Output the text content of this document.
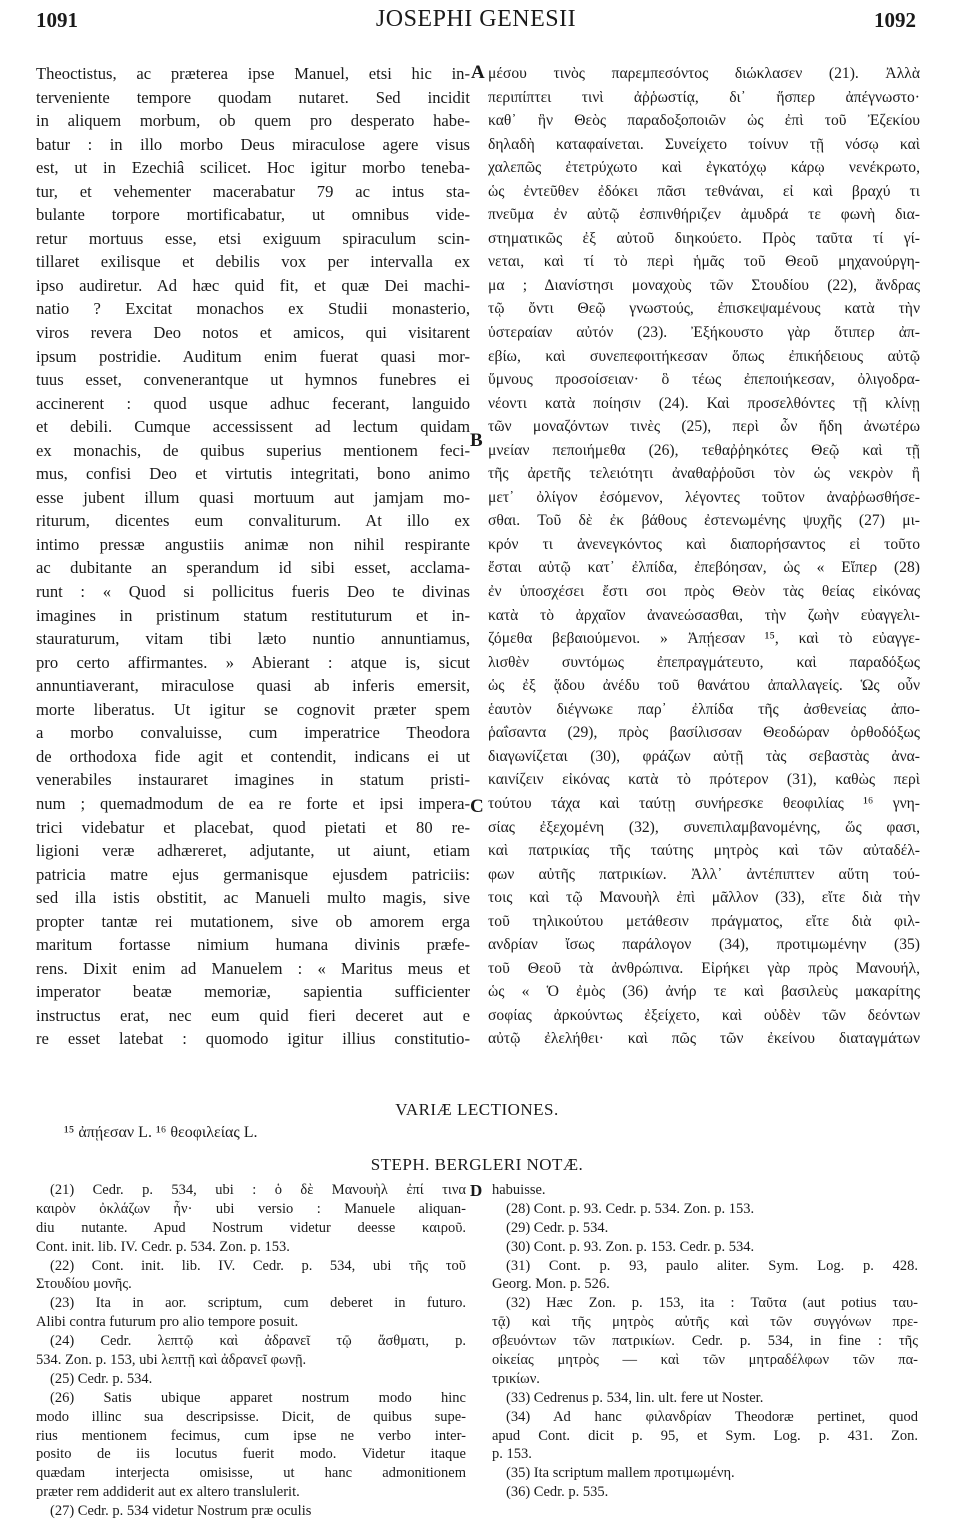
1091	JOSEPHI GENESII	1092
Theoctistus, ac præterea ipse Manuel, etsi hic in-
terveniente tempore quodam nutaret. Sed incidit
in aliquem morbum, ob quem pro desperato habe-
batur : in illo morbo Deus miraculose agere visus
est, ut in Ezechiâ scilicet. Hoc igitur morbo teneba-
tur, et vehementer macerabatur 79 ac intus sta-
bulante torpore mortificabatur, ut omnibus vide-
retur mortuus esse, etsi exiguum spiraculum scin-
tillaret exilisque et debilis vox per intervalla ex
ipso audiretur. Ad hæc quid fit, et quæ Dei machi-
natio ? Excitat monachos ex Studii monasterio,
viros revera Deo notos et amicos, qui visitarent
ipsum postridie. Auditum enim fuerat quasi mor-
tuus esset, convenerantque ut hymnos funebres ei
accinerent : quod usque adhuc fecerant, languido
et debili. Cumque accessissent ad lectum quidam
ex monachis, de quibus superius mentionem feci-
mus, confisi Deo et virtutis integritati, bono animo
esse jubent illum quasi mortuum aut jamjam mo-
riturum, dicentes eum convaliturum. At illo ex
intimo pressæ angustiis animæ non nihil respirante
ac dubitante an sperandum id sibi esset, acclama-
runt : « Quod si pollicitus fueris Deo te divinas
imagines in pristinum statum restituturum et in-
stauraturum, vitam tibi læto nuntio annuntiamus,
pro certo affirmantes. » Abierant : atque is, sicut
annuntiaverant, miraculose quasi ab inferis emersit,
morte liberatus. Ut igitur se cognovit præter spem
a morbo convaluisse, cum imperatrice Theodora
de orthodoxa fide agit et contendit, indicans ei ut
venerabiles instauraret imagines in statum pristi-
num ; quemadmodum de ea re forte et ipsi impera-
trici videbatur et placebat, quod pietati et 80 re-
ligioni veræ adhæreret, adjutante, ut aiunt, etiam
patricia matre ejus germanisque ejusdem patriciis:
sed illa istis obstitit, ac Manueli multo magis, sive
propter tantæ rei mutationem, sive ob amorem erga
maritum fortasse nimium humana divinis præfe-
rens. Dixit enim ad Manuelem : « Maritus meus et
imperator beatæ memoriæ, sapientia sufficienter
instructus erat, nec eum quid fieri deceret aut e
re esset latebat : quomodo igitur illius constitutio-
μέσου τινὸς παρεμπεσόντος διώκλασεν (21). Ἀλλὰ
περιπίπτει τινὶ ἀῤῥωστίᾳ, δι᾽ ἥσπερ ἀπέγνωστο·
καθ᾽ ἣν Θεὸς παραδοξοποιῶν ὡς ἐπὶ τοῦ Ἐζεκίου
δηλαδὴ καταφαίνεται. Συνείχετο τοίνυν τῇ νόσῳ καὶ
χαλεπῶς ἐτετρύχωτο καὶ ἐγκατόχῳ κάρῳ νενέκρωτο,
ὡς ἐντεῦθεν ἐδόκει πᾶσι τεθνάναι, εἰ καὶ βραχύ τι
πνεῦμα ἐν αὐτῷ ἐσπινθήριζεν ἀμυδρά τε φωνὴ δια-
στηματικῶς ἐξ αὐτοῦ διηκούετο. Πρὸς ταῦτα τί γί-
νεται, καὶ τί τὸ περὶ ἡμᾶς τοῦ Θεοῦ μηχανούργη-
μα ; Διανίστησι μοναχοὺς τῶν Στουδίου (22), ἄνδρας
τῷ ὄντι Θεῷ γνωστούς, ἐπισκεψαμένους κατὰ τὴν
ὑστεραίαν αὐτόν (23). Ἐξήκουστο γὰρ ὅτιπερ ἀπ-
εβίω, καὶ συνεπεφοιτήκεσαν ὅπως ἐπικήδειους αὐτῷ
ὕμνους προσοίσειαν· ὃ τέως ἐπεποιήκεσαν, ὀλιγοδρα-
νέοντι κατὰ ποίησιν (24). Καὶ προσελθόντες τῇ κλίνῃ
τῶν μοναζόντων τινὲς (25), περὶ ὧν ἤδη ἀνωτέρω
μνείαν πεποιήμεθα (26), τεθαῤῥηκότες Θεῷ καὶ τῇ
τῆς ἀρετῆς τελειότητι ἀναθαῤῥοῦσι τὸν ὡς νεκρὸν ἢ
μετ᾽ ὀλίγον ἐσόμενον, λέγοντες τοῦτον ἀναῤῥωσθήσε-
σθαι. Τοῦ δὲ ἐκ βάθους ἐστενωμένης ψυχῆς (27) μι-
κρόν τι ἀνενεγκόντος καὶ διαπορήσαντος εἰ τοῦτο
ἔσται αὐτῷ κατ᾽ ἐλπίδα, ἐπεβόησαν, ὡς « Εἴπερ (28)
ἐν ὑποσχέσει ἔστι σοι πρὸς Θεὸν τὰς θείας εἰκόνας
κατὰ τὸ ἀρχαῖον ἀνανεώσασθαι, τὴν ζωὴν εὐαγγελι-
ζόμεθα βεβαιούμενοι. » Ἀπῄεσαν ¹⁵, καὶ τὸ εὐαγγε-
λισθὲν συντόμως ἐπεπραγμάτευτο, καὶ παραδόξως
ὡς ἐξ ᾅδου ἀνέδυ τοῦ θανάτου ἀπαλλαγείς. Ὡς οὖν
ἑαυτὸν διέγνωκε παρ᾽ ἐλπίδα τῆς ἀσθενείας ἀπο-
ῥαΐσαντα (29), πρὸς βασίλισσαν Θεοδώραν ὀρθοδόξως
διαγωνίζεται (30), φράζων αὐτῇ τὰς σεβαστὰς ἀνα-
καινίζειν εἰκόνας κατὰ τὸ πρότερον (31), καθὼς περὶ
τούτου τάχα καὶ ταύτῃ συνήρεσκε θεοφιλίας ¹⁶ γνη-
σίας ἐξεχομένη (32), συνεπιλαμβανομένης, ὥς φασι,
καὶ πατρικίας τῆς ταύτης μητρὸς καὶ τῶν αὐταδέλ-
φων αὐτῆς πατρικίων. Ἀλλ᾽ ἀντέπιπτεν αὕτη τού-
τοις καὶ τῷ Μανουὴλ ἐπὶ μᾶλλον (33), εἴτε διὰ τὴν
τοῦ τηλικούτου μετάθεσιν πράγματος, εἴτε διὰ φιλ-
ανδρίαν ἴσως παράλογον (34), προτιμωμένην (35)
τοῦ Θεοῦ τὰ ἀνθρώπινα. Εἰρήκει γὰρ πρὸς Μανουήλ,
ὡς « Ὁ ἐμὸς (36) ἀνήρ τε καὶ βασιλεὺς μακαρίτης
σοφίας ἀρκούντως ἐξείχετο, καὶ οὐδὲν τῶν δεόντων
αὐτῷ ἐλελήθει· καὶ πῶς τῶν ἐκείνου διαταγμάτων
A
B
C
VARIÆ LECTIONES.
¹⁵ ἀπῄεσαν L. ¹⁶ θεοφιλείας L.
STEPH. BERGLERI NOTÆ.
(21) Cedr. p. 534, ubi : ὁ δὲ Μανουὴλ ἐπί τινα
καιρὸν ὀκλάζων ἦν· ubi versio : Manuele aliquan-
diu nutante. Apud Nostrum videtur deesse καιροῦ.
Cont. init. lib. IV. Cedr. p. 534. Zon. p. 153.
(22) Cont. init. lib. IV. Cedr. p. 534, ubi τῆς τοῦ
Στουδίου μονῆς.
(23) Ita in aor. scriptum, cum deberet in futuro.
Alibi contra futurum pro alio tempore posuit.
(24) Cedr. λεπτῷ καὶ ἀδρανεῖ τῷ ἄσθματι, p.
534. Zon. p. 153, ubi λεπτῇ καὶ ἀδρανεῖ φωνῇ.
(25) Cedr. p. 534.
(26) Satis ubique apparet nostrum modo hinc
modo illinc sua descripsisse. Dicit, de quibus supe-
rius mentionem fecimus, cum ipse ne verbo inter-
posito de iis locutus fuerit modo. Videtur itaque
quædam interjecta omisisse, ut hanc admonitionem
præter rem addiderit aut ex altero translulerit.
(27) Cedr. p. 534 videtur Nostrum præ oculis
D habuisse.
(28) Cont. p. 93. Cedr. p. 534. Zon. p. 153.
(29) Cedr. p. 534.
(30) Cont. p. 93. Zon. p. 153. Cedr. p. 534.
(31) Cont. p. 93, paulo aliter. Sym. Log. p. 428.
Georg. Mon. p. 526.
(32) Hæc Zon. p. 153, ita : Ταῦτα (aut potius ταυ-
τᾷ) καὶ τῆς μητρὸς αὐτῆς καὶ τῶν συγγόνων πρε-
σβευόντων τῶν πατρικίων. Cedr. p. 534, in fine : τῆς
οἰκείας μητρὸς — καὶ τῶν μητραδέλφων τῶν πα-
τρικίων.
(33) Cedrenus p. 534, lin. ult. fere ut Noster.
(34) Ad hanc φιλανδρίαν Theodoræ pertinet, quod
apud Cont. dicit p. 95, et Sym. Log. p. 431. Zon.
p. 153.
(35) Ita scriptum mallem προτιμωμένη.
(36) Cedr. p. 535.
